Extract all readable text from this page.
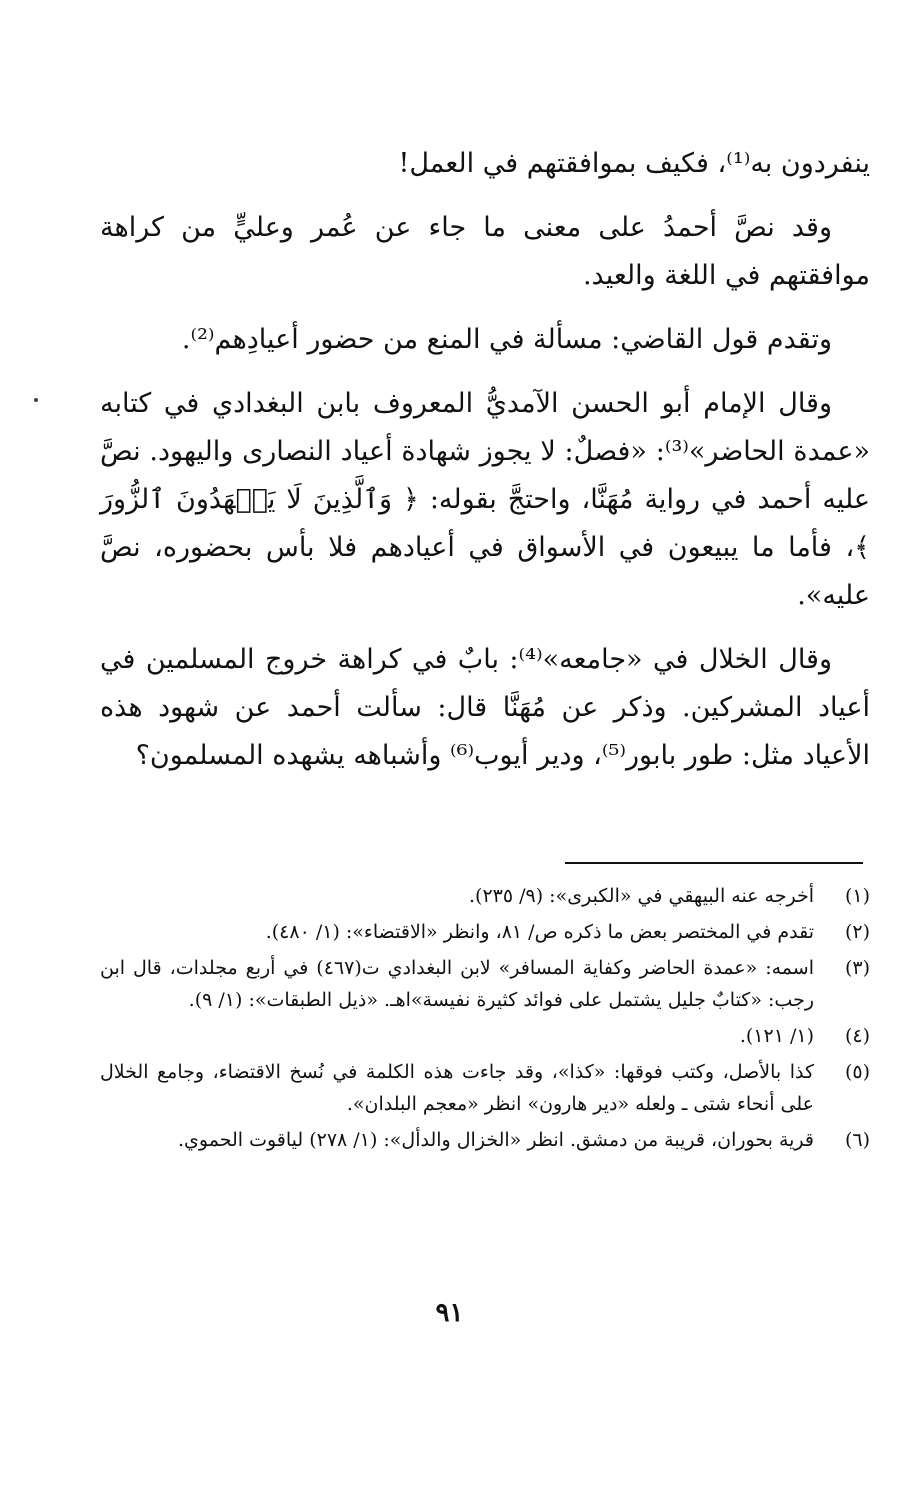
ينفردون به⁽¹⁾، فكيف بموافقتهم في العمل!

وقد نصَّ أحمدُ على معنى ما جاء عن عُمر وعليٍّ من كراهة موافقتهم في اللغة والعيد.

وتقدم قول القاضي: مسألة في المنع من حضور أعيادِهم⁽²⁾.

وقال الإمام أبو الحسن الآمديُّ المعروف بابن البغدادي في كتابه «عمدة الحاضر»⁽³⁾: «فصلٌ: لا يجوز شهادة أعياد النصارى واليهود. نصَّ عليه أحمد في رواية مُهَنَّا، واحتجَّ بقوله: ﴿ وَٱلَّذِينَ لَا يَشۡهَدُونَ ٱلزُّورَ ﴾، فأما ما يبيعون في الأسواق في أعيادهم فلا بأس بحضوره، نصَّ عليه».

وقال الخلال في «جامعه»⁽⁴⁾: بابٌ في كراهة خروج المسلمين في أعياد المشركين. وذكر عن مُهَنَّا قال: سألت أحمد عن شهود هذه الأعياد مثل: طور بابور⁽⁵⁾، ودير أيوب⁽⁶⁾ وأشباهه يشهده المسلمون؟

(١)
أخرجه عنه البيهقي في «الكبرى»: (٩/ ٢٣٥).
(٢)
تقدم في المختصر بعض ما ذكره ص/ ٨١، وانظر «الاقتضاء»: (١/ ٤٨٠).
(٣)
اسمه: «عمدة الحاضر وكفاية المسافر» لابن البغدادي ت(٤٦٧) في أربع مجلدات، قال ابن رجب: «كتابٌ جليل يشتمل على فوائد كثيرة نفيسة»اهـ. «ذيل الطبقات»: (١/ ٩).
(٤)
(١/ ١٢١).
(٥)
كذا بالأصل، وكتب فوقها: «كذا»، وقد جاءت هذه الكلمة في نُسخ الاقتضاء، وجامع الخلال على أنحاء شتى ـ ولعله «دير هارون» انظر «معجم البلدان».
(٦)
قرية بحوران، قريبة من دمشق. انظر «الخزال والدأل»: (١/ ٢٧٨) لياقوت الحموي.
٩١
